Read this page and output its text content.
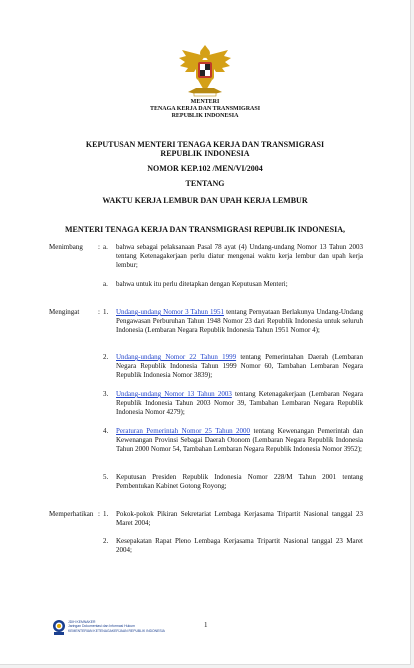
MENTERI
TENAGA KERJA DAN TRANSMIGRASI
REPUBLIK INDONESIA
KEPUTUSAN MENTERI TENAGA KERJA DAN TRANSMIGRASI
REPUBLIK INDONESIA
NOMOR KEP.102 /MEN/VI/2004
TENTANG
WAKTU KERJA LEMBUR DAN UPAH KERJA LEMBUR
MENTERI TENAGA KERJA DAN TRANSMIGRASI REPUBLIK INDONESIA,
Menimbang : a. bahwa sebagai pelaksanaan Pasal 78 ayat (4) Undang-undang Nomor 13 Tahun 2003 tentang Ketenagakerjaan perlu diatur mengenai waktu kerja lembur dan upah kerja lembur;
a. bahwa untuk itu perlu ditetapkan dengan Keputusan Menteri;
Mengingat	: 1. Undang-undang Nomor 3 Tahun 1951 tentang Pernyataan Berlakunya Undang-Undang Pengawasan Perburuhan Tahun 1948 Nomor 23 dari Republik Indonesia untuk seluruh Indonesia (Lembaran Negara Republik Indonesia Tahun 1951 Nomor 4);
2. Undang-undang Nomor 22 Tahun 1999 tentang Pemerintahan Daerah (Lembaran Negara Republik Indonesia Tahun 1999 Nomor 60, Tambahan Lembaran Negara Republik Indonesia Nomor 3839);
3. Undang-undang Nomor 13 Tahun 2003 tentang Ketenagakerjaan (Lembaran Negara Republik Indonesia Tahun 2003 Nomor 39, Tambahan Lembaran Negara Republik Indonesia Nomor 4279);
4. Peraturan Pemerintah Nomor 25 Tahun 2000 tentang Kewenangan Pemerintah dan Kewenangan Provinsi Sebagai Daerah Otonom (Lembaran Negara Republik Indonesia Tahun 2000 Nomor 54, Tambahan Lembaran Negara Republik Indonesia Nomor 3952);
5. Keputusan Presiden Republik Indonesia Nomor 228/M Tahun 2001 tentang Pembentukan Kabinet Gotong Royong;
Memperhatikan : 1. Pokok-pokok Pikiran Sekretariat Lembaga Kerjasama Tripartit Nasional tanggal 23 Maret 2004;
2. Kesepakatan Rapat Pleno Lembaga Kerjasama Tripartit Nasional tanggal 23 Maret 2004;
JDIH KEMNAKER
Jaringan Dokumentasi dan Informasi Hukum
KEMENTERIAN KETENAGAKERJAAN REPUBLIK INDONESIA
1
